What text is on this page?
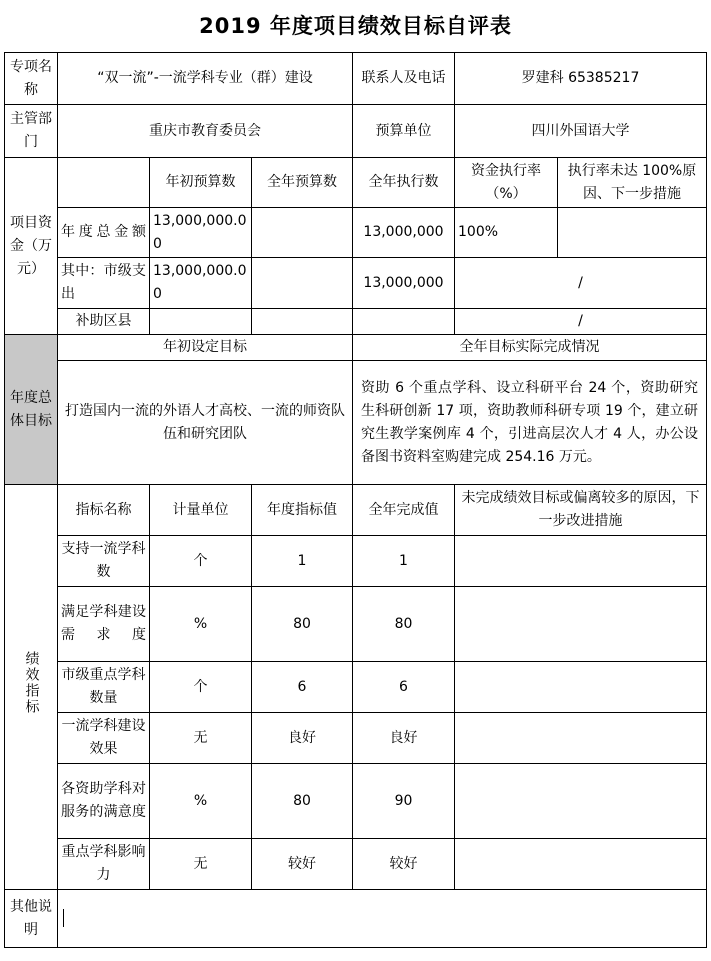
2019 年度项目绩效目标自评表
专项名称	“双一流”-一流学科专业（群）建设			联系人及电话	罗建科 65385217	
主管部门	重庆市教育委员会			预算单位	四川外国语大学	
项目资金（万元）		年初预算数	全年预算数	全年执行数	资金执行率（%）	执行率未达 100%原因、下一步措施
	年度总金额	13,000,000.00		13,000,000	100%	
	其中：市级支出	13,000,000.00		13,000,000	/	
	补助区县				/	
年度总体目标	年初设定目标			全年目标实际完成情况		
	打造国内一流的外语人才高校、一流的师资队伍和研究团队			资助 6 个重点学科、设立科研平台 24 个，资助研究生科研创新 17 项，资助教师科研专项 19 个，建立研究生教学案例库 4 个，引进高层次人才 4 人，办公设备图书资料室购建完成 254.16 万元。		
绩效指标	指标名称	计量单位	年度指标值	全年完成值	未完成绩效目标或偏离较多的原因，下一步改进措施	
	支持一流学科数	个	1	1		
	满足学科建设需求度	%	80	80		
	市级重点学科数量	个	6	6		
	一流学科建设效果	无	良好	良好		
	各资助学科对服务的满意度	%	80	90		
	重点学科影响力	无	较好	较好		
其他说明						
